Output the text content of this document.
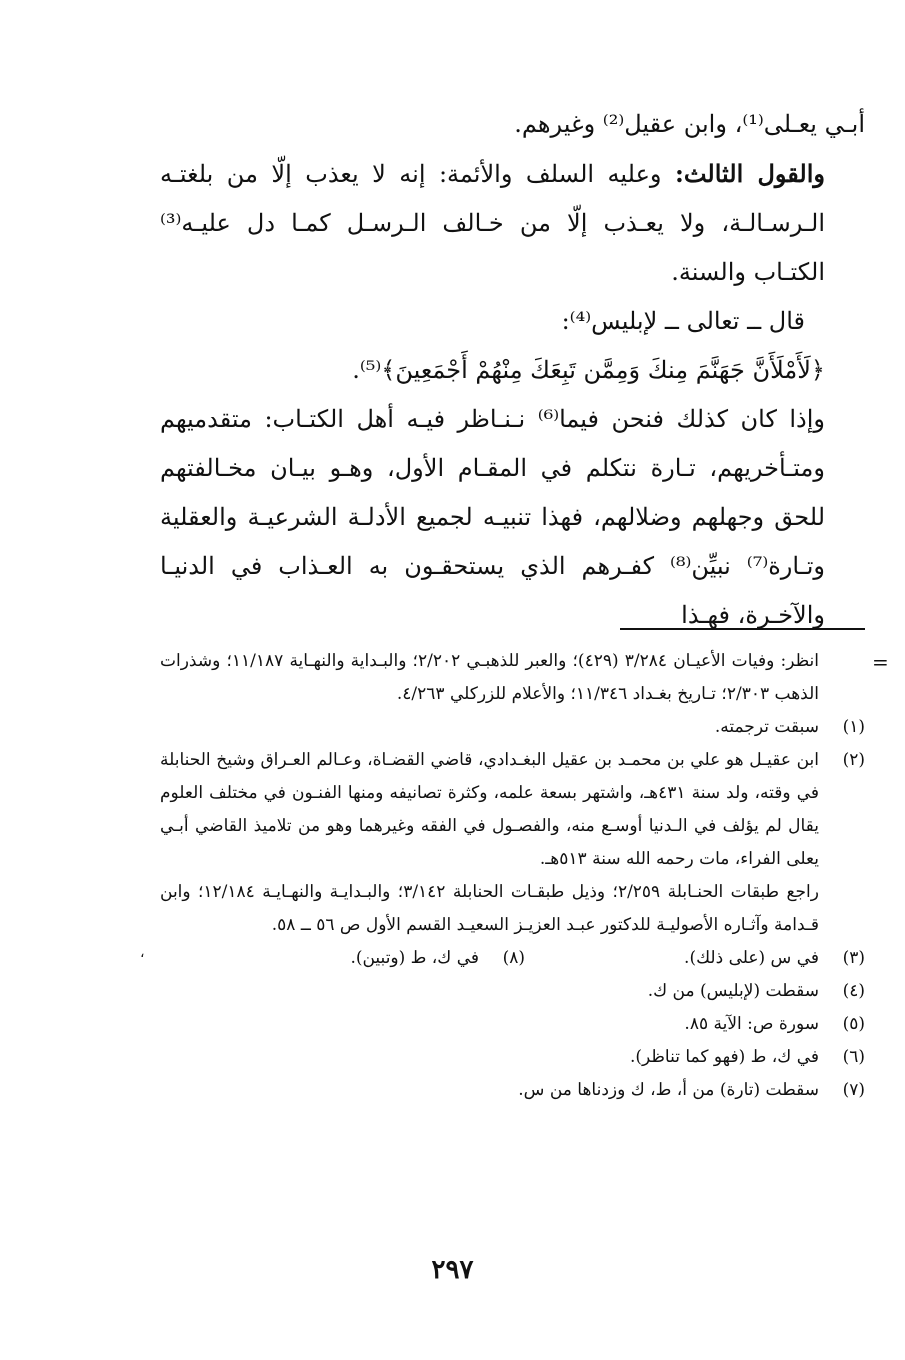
أبـي يعـلى⁽¹⁾، وابن عقيل⁽²⁾ وغيرهم.

والقول الثالث: وعليه السلف والأئمة: إنه لا يعذب إلّا من بلغتـه الـرسـالـة، ولا يعـذب إلّا من خـالف الـرسـل كمـا دل عليـه⁽³⁾ الكتـاب والسنة.

قال ــ تعالى ــ لإبليس⁽⁴⁾:

﴿لَأَمْلَأَنَّ جَهَنَّمَ مِنكَ وَمِمَّن تَبِعَكَ مِنْهُمْ أَجْمَعِينَ﴾⁽⁵⁾.

وإذا كان كذلك فنحن فيما⁽⁶⁾ نـنـاظر فيـه أهل الكتـاب: متقدميهم ومتـأخريهم، تـارة نتكلم في المقـام الأول، وهـو بيـان مخـالفتهم للحق وجهلهم وضلالهم، فهذا تنبيـه لجميع الأدلـة الشرعيـة والعقلية وتـارة⁽⁷⁾ نبيِّن⁽⁸⁾ كفـرهم الذي يستحقـون به العـذاب في الدنيـا والآخـرة، فهـذا

=
،
انظر: وفيات الأعيـان ٣/٢٨٤ (٤٢٩)؛ والعبر للذهبـي ٢/٢٠٢؛ والبـداية والنهـاية ١١/١٨٧؛ وشذرات الذهب ٢/٣٠٣؛ تـاريخ بغـداد ١١/٣٤٦؛ والأعلام للزركلي ٤/٢٦٣.
(١)
سبقت ترجمته.
(٢)
ابن عقيـل هو علي بن محمـد بن عقيل البغـدادي، قاضي القضـاة، وعـالم العـراق وشيخ الحنابلة في وقته، ولد سنة ٤٣١هـ، واشتهر بسعة علمه، وكثرة تصانيفه ومنها الفنـون في مختلف العلوم يقال لم يؤلف في الـدنيا أوسـع منه، والفصـول في الفقه وغيرهما وهو من تلاميذ القاضي أبـي يعلى الفراء، مات رحمه الله سنة ٥١٣هـ.
راجع طبقات الحنـابلة ٢/٢٥٩؛ وذيل طبقـات الحنابلة ٣/١٤٢؛ والبـدايـة والنهـايـة ١٢/١٨٤؛ وابن قـدامة وآثـاره الأصوليـة للدكتور عبـد العزيـز السعيـد القسم الأول ص ٥٦ ــ ٥٨.
(٣)
في س (على ذلك).
(٨)
في ك، ط (وتبين).
(٤)
سقطت (لإبليس) من ك.
(٥)
سورة ص: الآية ٨٥.
(٦)
في ك، ط (فهو كما تناظر).
(٧)
سقطت (تارة) من أ، ط، ك وزدناها من س.
٢٩٧
